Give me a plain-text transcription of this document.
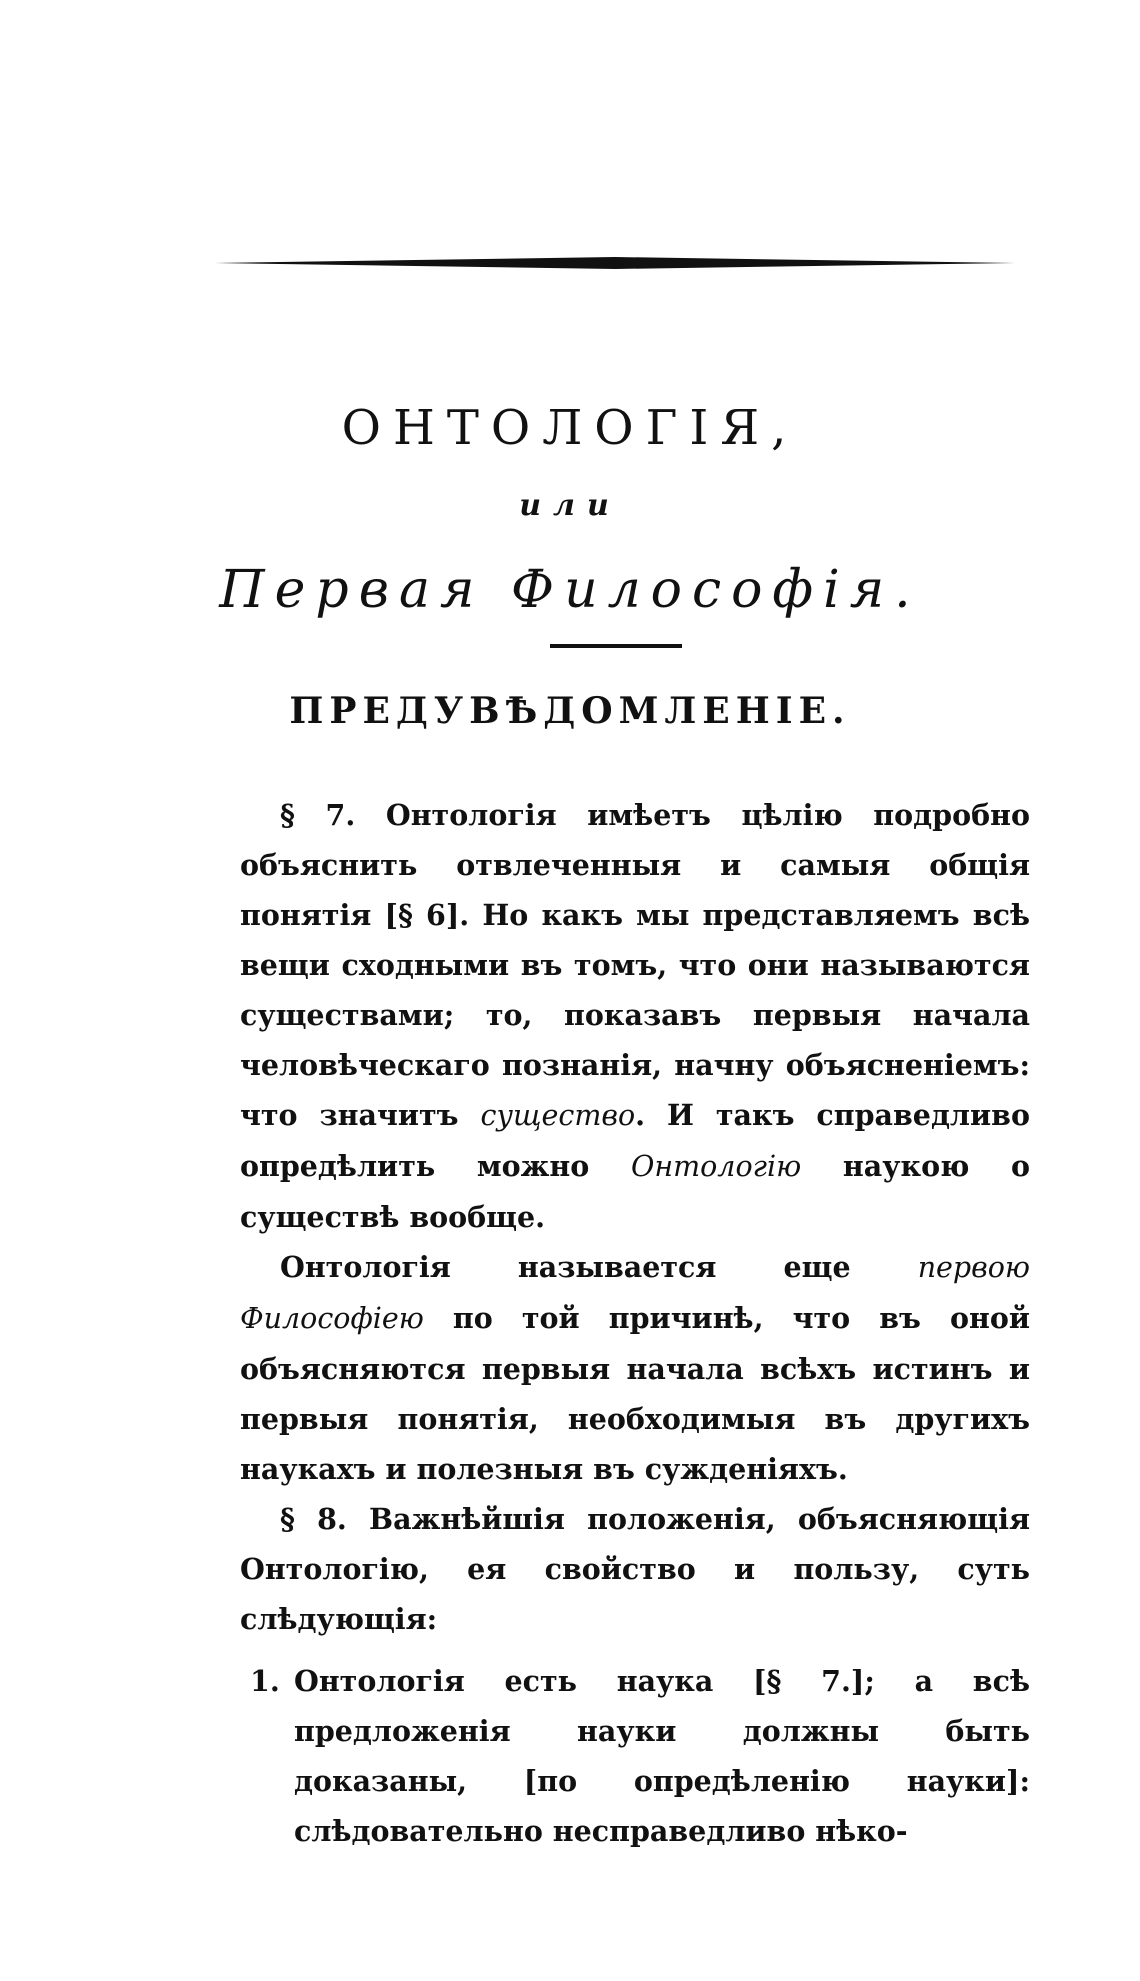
ОНТОЛОГІЯ,
или
Первая Философія.
ПРЕДУВѢДОМЛЕНІЕ.

§ 7. Онтологія имѣетъ цѣлію подробно объяснить отвлеченныя и самыя общія понятія [§ 6]. Но какъ мы представляемъ всѣ вещи сходными въ томъ, что они называются существами; то, показавъ первыя начала человѣческаго познанія, начну объясненіемъ: что значитъ существо. И такъ справедливо опредѣлить можно Онтологію наукою о существѣ вообще.

Онтологія называется еще первою Философіею по той причинѣ, что въ оной объясняются первыя начала всѣхъ истинъ и первыя понятія, необходимыя въ другихъ наукахъ и полезныя въ сужденіяхъ.

§ 8. Важнѣйшія положенія, объясняющія Онтологію, ея свойство и пользу, суть слѣдующія:

1. Онтологія есть наука [§ 7.]; а всѣ предложенія науки должны быть доказаны, [по опредѣленію науки]: слѣдовательно несправедливо нѣко-
